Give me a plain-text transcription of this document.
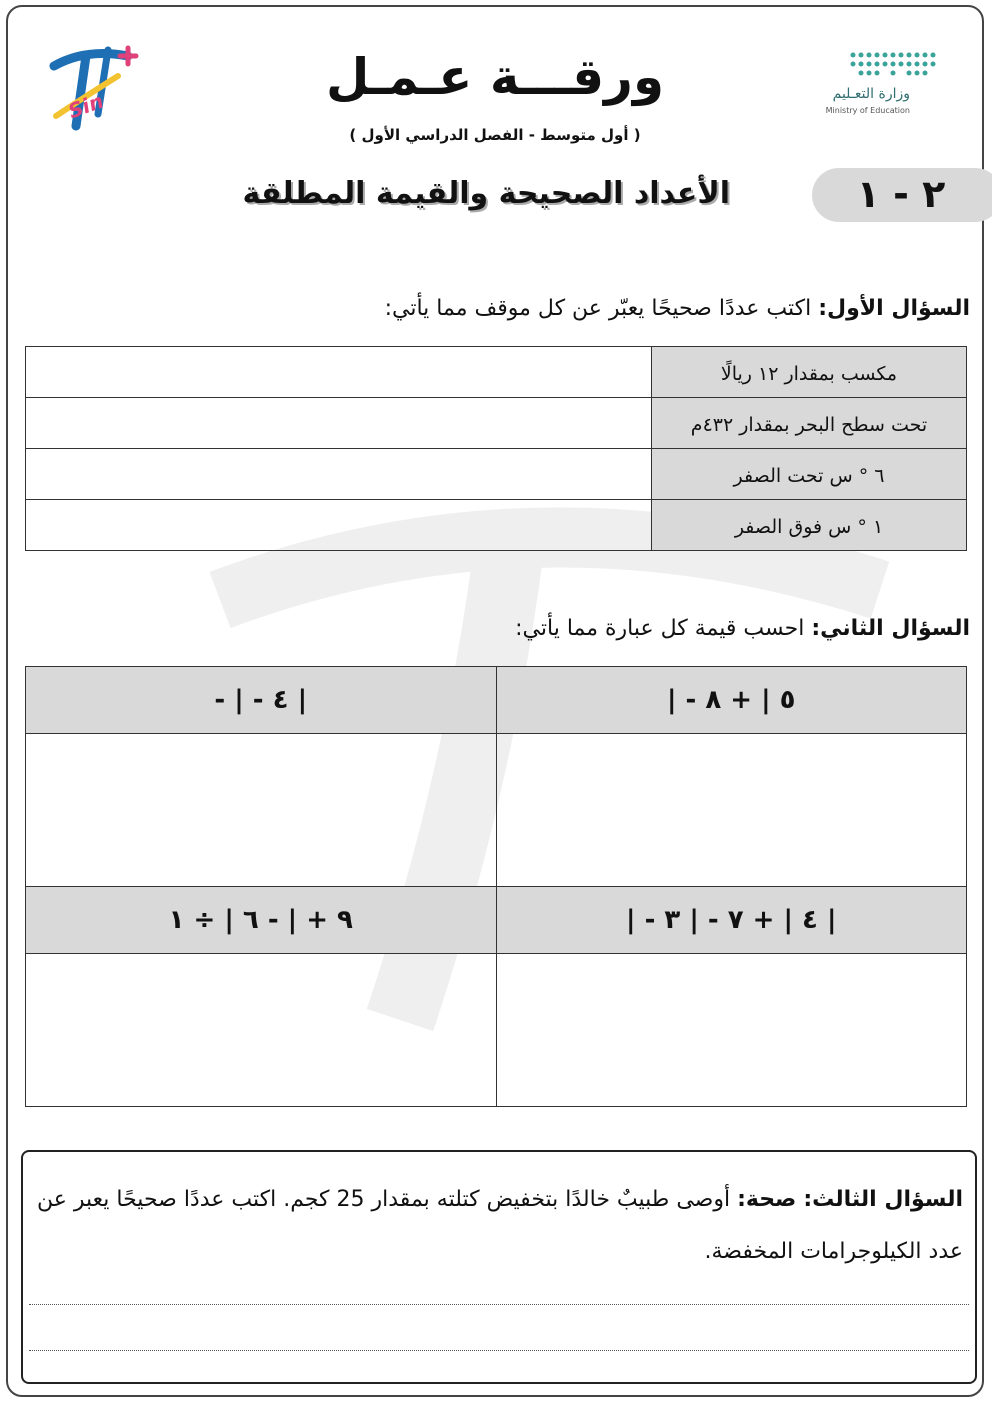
Sin	ورقـــة عـمـل
( أول متوسط - الفصل الدراسي الأول )
وزارة التعـليم
Ministry of Education
٢ - ١
الأعداد الصحيحة والقيمة المطلقة
السؤال الأول: اكتب عددًا صحيحًا يعبّر عن كل موقف مما يأتي:
مكسب بمقدار ١٢ ريالًا	
تحت سطح البحر بمقدار ٤٣٢م	
٦ ° س تحت الصفر	
١ ° س فوق الصفر	
السؤال الثاني: احسب قيمة كل عبارة مما يأتي:
| - ٥ | + ٨	- | - ٤ |

| - ٤ | + ٧ - | ٣ |	٩ + | - ٦ | ÷ ١

السؤال الثالث: صحة: أوصى طبيبٌ خالدًا بتخفيض كتلته بمقدار 25 كجم. اكتب عددًا صحيحًا يعبر عن عدد الكيلوجرامات المخفضة.
